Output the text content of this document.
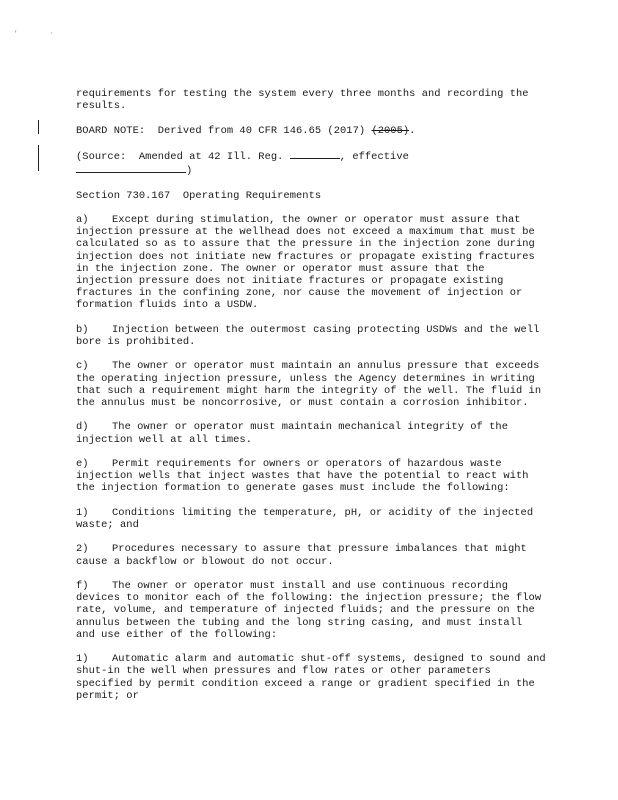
'	·

requirements for testing the system every three months and recording the results.

BOARD NOTE: Derived from 40 CFR 146.65 (2017) (2005).

(Source: Amended at 42 Ill. Reg.	, effective
)

Section 730.167 Operating Requirements

a) Except during stimulation, the owner or operator must assure that injection pressure at the wellhead does not exceed a maximum that must be calculated so as to assure that the pressure in the injection zone during injection does not initiate new fractures or propagate existing fractures in the injection zone. The owner or operator must assure that the injection pressure does not initiate fractures or propagate existing fractures in the confining zone, nor cause the movement of injection or formation fluids into a USDW.

b) Injection between the outermost casing protecting USDWs and the well bore is prohibited.

c) The owner or operator must maintain an annulus pressure that exceeds the operating injection pressure, unless the Agency determines in writing that such a requirement might harm the integrity of the well. The fluid in the annulus must be noncorrosive, or must contain a corrosion inhibitor.

d) The owner or operator must maintain mechanical integrity of the injection well at all times.

e) Permit requirements for owners or operators of hazardous waste injection wells that inject wastes that have the potential to react with the injection formation to generate gases must include the following:

1) Conditions limiting the temperature, pH, or acidity of the injected waste; and

2) Procedures necessary to assure that pressure imbalances that might cause a backflow or blowout do not occur.

f) The owner or operator must install and use continuous recording devices to monitor each of the following: the injection pressure; the flow rate, volume, and temperature of injected fluids; and the pressure on the annulus between the tubing and the long string casing, and must install and use either of the following:

1) Automatic alarm and automatic shut-off systems, designed to sound and shut-in the well when pressures and flow rates or other parameters specified by permit condition exceed a range or gradient specified in the permit; or
